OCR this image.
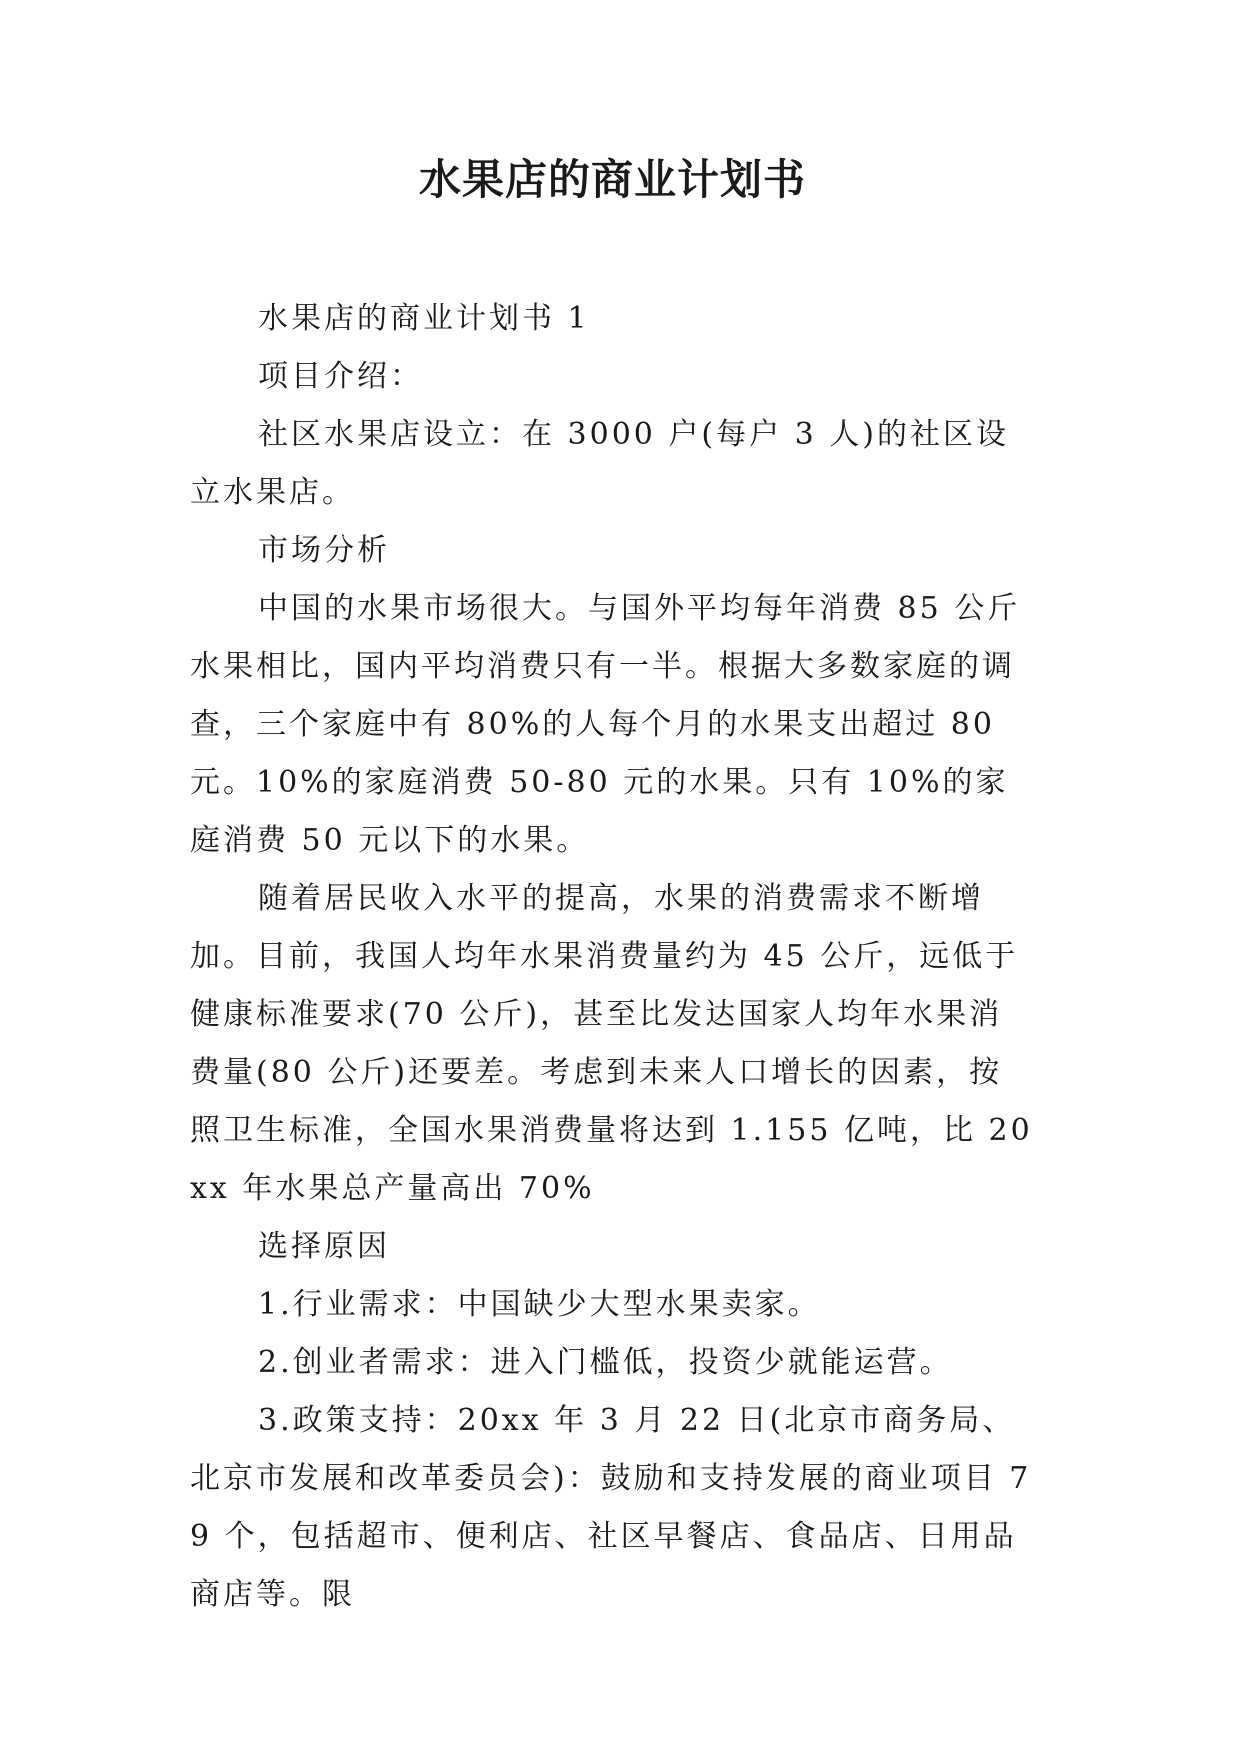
水果店的商业计划书

水果店的商业计划书 1

项目介绍：

社区水果店设立：在 3000 户(每户 3 人)的社区设立水果店。

市场分析

中国的水果市场很大。与国外平均每年消费 85 公斤水果相比，国内平均消费只有一半。根据大多数家庭的调查，三个家庭中有 80%的人每个月的水果支出超过 80 元。10%的家庭消费 50-80 元的水果。只有 10%的家庭消费 50 元以下的水果。

随着居民收入水平的提高，水果的消费需求不断增加。目前，我国人均年水果消费量约为 45 公斤，远低于健康标准要求(70 公斤)，甚至比发达国家人均年水果消费量(80 公斤)还要差。考虑到未来人口增长的因素，按照卫生标准，全国水果消费量将达到 1.155 亿吨，比 20xx 年水果总产量高出 70%

选择原因

1.行业需求：中国缺少大型水果卖家。

2.创业者需求：进入门槛低，投资少就能运营。

3.政策支持：20xx 年 3 月 22 日(北京市商务局、北京市发展和改革委员会)：鼓励和支持发展的商业项目 79 个，包括超市、便利店、社区早餐店、食品店、日用品商店等。限
